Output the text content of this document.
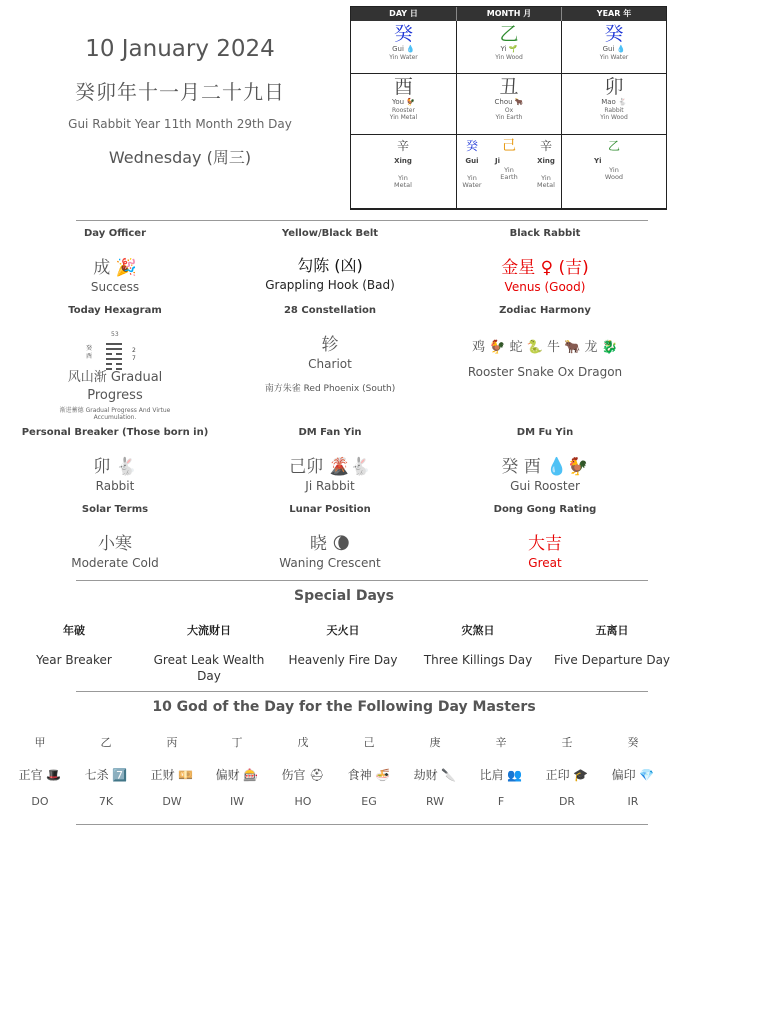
10 January 2024
癸卯年十一月二十九日
Gui Rabbit Year 11th Month 29th Day
Wednesday (周三)
DAY 日	MONTH 月	YEAR 年
癸
Gui 💧
Yin Water
乙
Yi 🌱
Yin Wood
癸
Gui 💧
Yin Water
酉
You 🐓
Rooster
Yin Metal
丑
Chou 🐂
Ox
Yin Earth
卯
Mao 🐇
Rabbit
Yin Wood
辛
Xing
Yin
Metal
癸
Gui
Yin
Water
己
Ji
Yin
Earth
辛
Xing
Yin
Metal
乙
Yi
Yin
Wood
Day Officer
成 🎉
Success
Yellow/Black Belt
勾陈 (凶)
Grappling Hook (Bad)
Black Rabbit
金星 ♀ (吉)
Venus (Good)
Today Hexagram
53
癸
酉
2
7
风山渐 Gradual Progress
渐进蓄德 Gradual Progress And Virtue Accumulation.
28 Constellation
轸
Chariot
南方朱雀 Red Phoenix (South)
Zodiac Harmony
鸡 🐓 蛇 🐍 牛 🐂 龙 🐉
Rooster Snake Ox Dragon
Personal Breaker (Those born in)
卯 🐇
Rabbit
DM Fan Yin
己卯 🌋🐇
Ji Rabbit
DM Fu Yin
癸 酉 💧🐓
Gui Rooster
Solar Terms
小寒
Moderate Cold
Lunar Position
晓 🌘
Waning Crescent
Dong Gong Rating
大吉
Great
Special Days
年破
Year Breaker
大流财日
Great Leak Wealth Day
天火日
Heavenly Fire Day
灾煞日
Three Killings Day
五离日
Five Departure Day
10 God of the Day for the Following Day Masters
甲
正官 🎩
DO
乙
七杀 7️⃣
7K
丙
正财 💴
DW
丁
偏财 🎰
IW
戊
伤官 ⛑
HO
己
食神 🍜
EG
庚
劫财 🔪
RW
辛
比肩 👥
F
壬
正印 🎓
DR
癸
偏印 💎
IR
